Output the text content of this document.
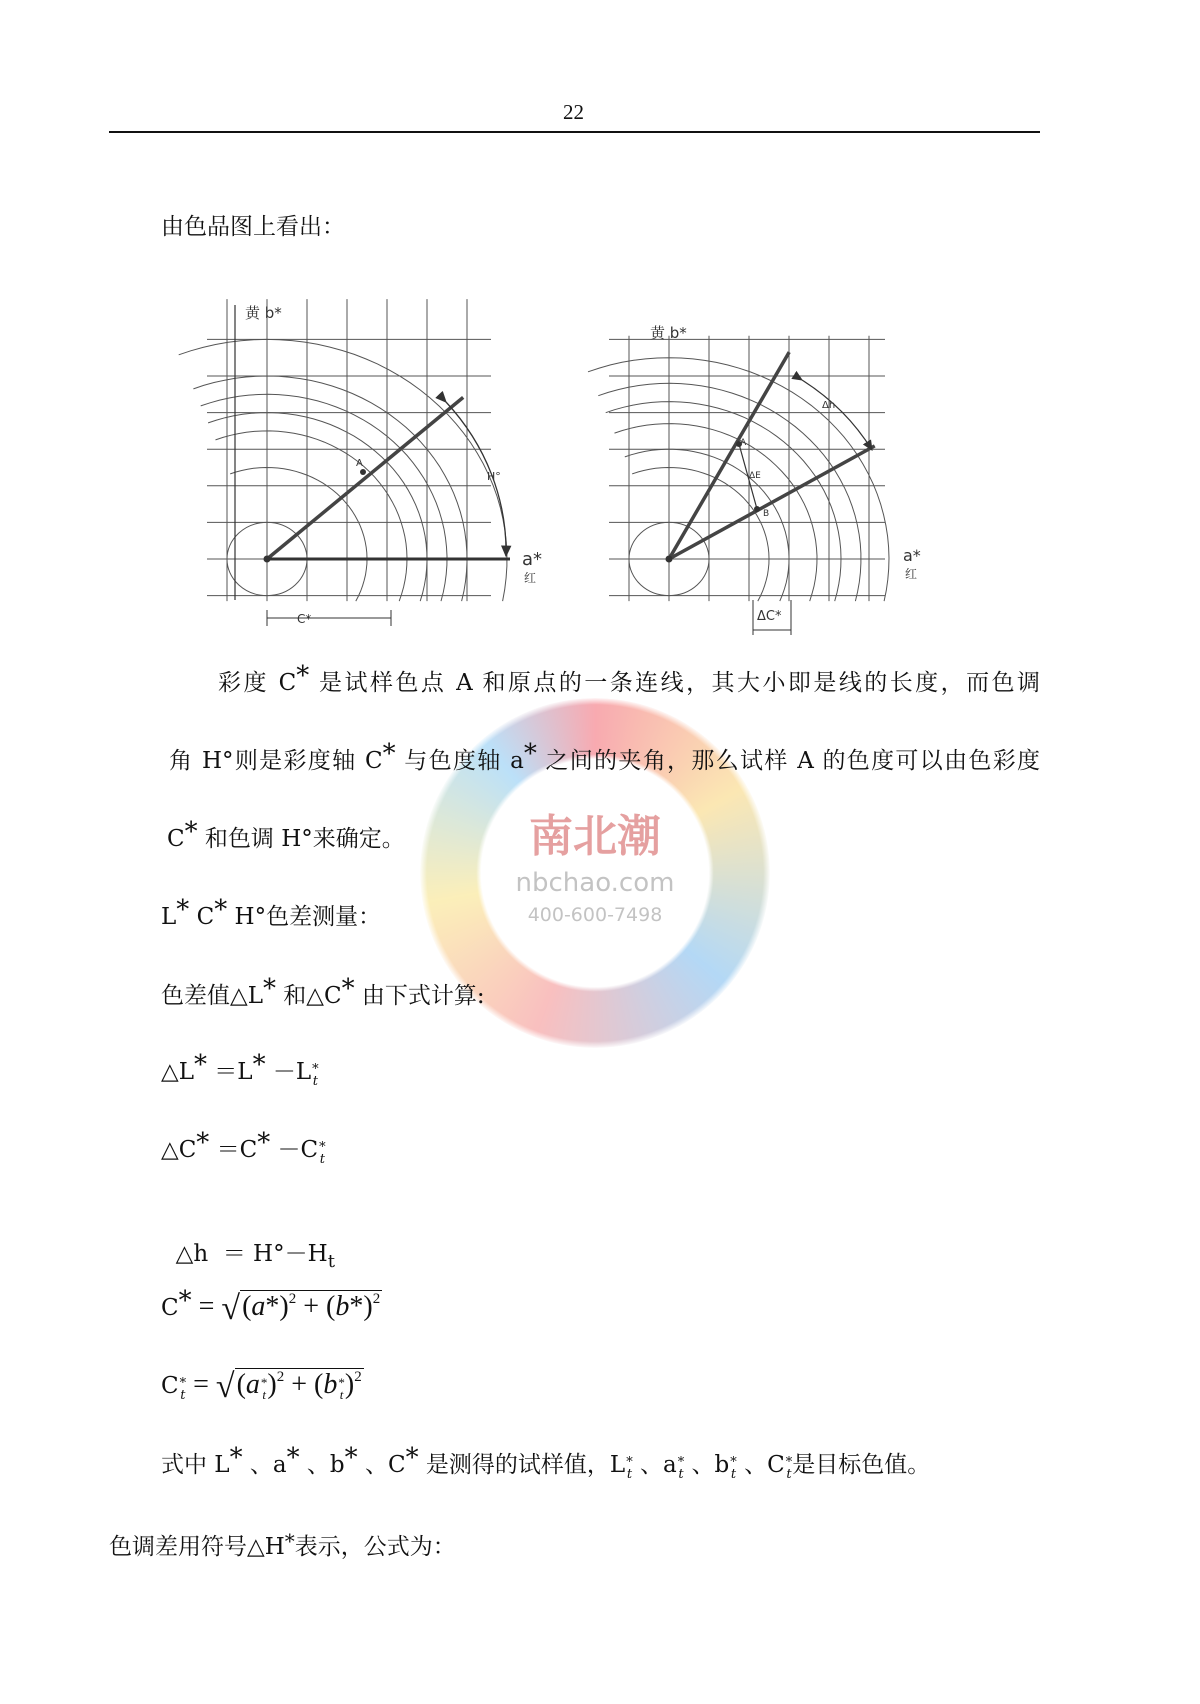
22
由色品图上看出：
黄 b*
a*
红
H°
A
C*
黄 b*
a*
红
Δh
ΔE
A
B
ΔC*
南北潮
nbchao.com
400-600-7498
彩度 C* 是试样色点 A 和原点的一条连线，其大小即是线的长度，而色调
角 H°则是彩度轴 C* 与色度轴 a* 之间的夹角，那么试样 A 的色度可以由色彩度
C* 和色调 H°来确定。
L* C* H°色差测量：
色差值△L* 和△C* 由下式计算:
△L* ＝L* －L *
t
△C* ＝C* －C *
t

△h  ＝ $H^\circ-H_t$

$C* = √(a*)^2 + (b*)^2$
C *
t = √(a *
t )$^2$ + (b *
t )$^2$
式中 L* 、a* 、b* 、C* 是测得的试样值，L *
t 、a *
t 、b *
t 、C *
t 是目标色值。
色调差用符号△H*表示，公式为：
